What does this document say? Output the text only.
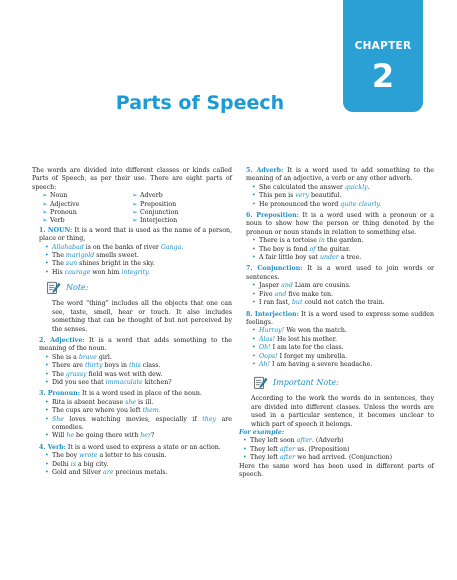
CHAPTER
2
Parts of Speech

The words are divided into different classes or kinds called Parts of Speech, as per their use. There are eight parts of speech:

➢ Noun	➢ Adverb
➢ Adjective	➢ Preposition
➢ Pronoun	➢ Conjunction
➢ Verb	➢ Interjection

1. NOUN: It is a word that is used as the name of a person, place or thing,

• Allahabad is on the banks of river Ganga.

• The marigold smells sweet.

• The sun shines bright in the sky.

• His courage won him integrity.

Note:

The word “thing” includes all the objects that one can see, taste, smell, hear or touch. It also includes something that can be thought of but not perceived by the senses.

2. Adjective: It is a word that adds something to the meaning of the noun.

• She is a brave girl.

• There are thirty boys in this class.

• The grassy field was wet with dew.

• Did you see that immaculate kitchen?

3. Pronoun: It is a word used in place of the noun.

• Rita is absent because she is ill.

• The cups are where you left them.

• She loves watching movies, especially if they are comedies.

• Will he be going there with her?

4. Verb: It is a word used to express a state or an action.

• The boy wrote a letter to his cousin.

• Delhi is a big city.

• Gold and Silver are precious metals.

5. Adverb: It is a word used to add something to the meaning of an adjective, a verb or any other adverb.

• She calculated the answer quickly.

• This pen is very beautiful.

• He pronounced the word quite clearly.

6. Preposition: It is a word used with a pronoun or a noun to show how the person or thing denoted by the pronoun or noun stands in relation to something else.

• There is a tortoise in the garden.

• The boy is fond of the guitar.

• A fair little boy sat under a tree.

7. Conjunction: It is a word used to join words or sentences.

• Jasper and Liam are cousins.

• Five and five make ten.

• I ran fast, but could not catch the train.

8. Interjection: It is a word used to express some sudden feelings.

• Hurray! We won the match.

• Alas! He lost his mother.

• Oh! I am late for the class.

• Oops! I forget my umbrella.

• Ah! I am having a severe headache.

Important Note:

According to the work the words do in sentences, they are divided into different classes. Unless the words are used in a particular sentence, it becomes unclear to which part of speech it belongs.

For example:

• They left soon after. (Adverb)

• They left after us. (Preposition)

• They left after we had arrived. (Conjunction)

Here the same word has been used in different parts of speech.
